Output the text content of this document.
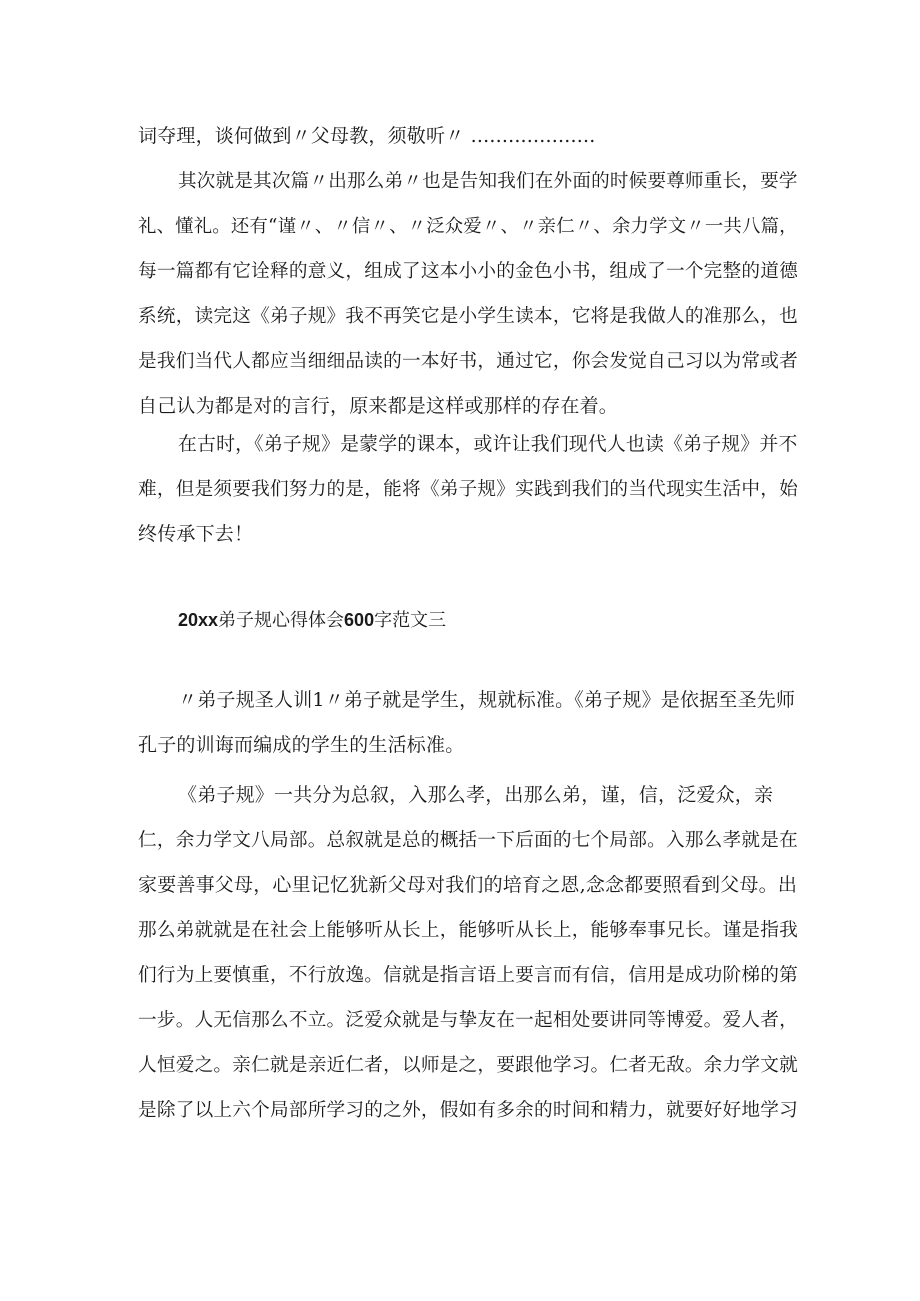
词夺理，谈何做到〃父母教，须敬听〃 ....................

其次就是其次篇〃出那么弟〃也是告知我们在外面的时候要尊师重长，要学
礼、懂礼。还有“谨〃、〃信〃、〃泛众爱〃、〃亲仁〃、余力学文〃一共八篇，
每一篇都有它诠释的意义，组成了这本小小的金色小书，组成了一个完整的道德
系统，读完这《弟子规》我不再笑它是小学生读本，它将是我做人的准那么，也
是我们当代人都应当细细品读的一本好书，通过它，你会发觉自己习以为常或者
自己认为都是对的言行，原来都是这样或那样的存在着。

在古时，《弟子规》是蒙学的课本，或许让我们现代人也读《弟子规》并不
难，但是须要我们努力的是，能将《弟子规》实践到我们的当代现实生活中，始
终传承下去！

20xx弟子规心得体会600字范文三

〃弟子规圣人训1〃弟子就是学生，规就标准。《弟子规》是依据至圣先师
孔子的训诲而编成的学生的生活标准。

《弟子规》一共分为总叙，入那么孝，出那么弟，谨，信，泛爱众，亲
仁，余力学文八局部。总叙就是总的概括一下后面的七个局部。入那么孝就是在
家要善事父母，心里记忆犹新父母对我们的培育之恩,念念都要照看到父母。出
那么弟就就是在社会上能够听从长上，能够听从长上，能够奉事兄长。谨是指我
们行为上要慎重，不行放逸。信就是指言语上要言而有信，信用是成功阶梯的第
一步。人无信那么不立。泛爱众就是与挚友在一起相处要讲同等博爱。爱人者，
人恒爱之。亲仁就是亲近仁者，以师是之，要跟他学习。仁者无敌。余力学文就
是除了以上六个局部所学习的之外，假如有多余的时间和精力，就要好好地学习
